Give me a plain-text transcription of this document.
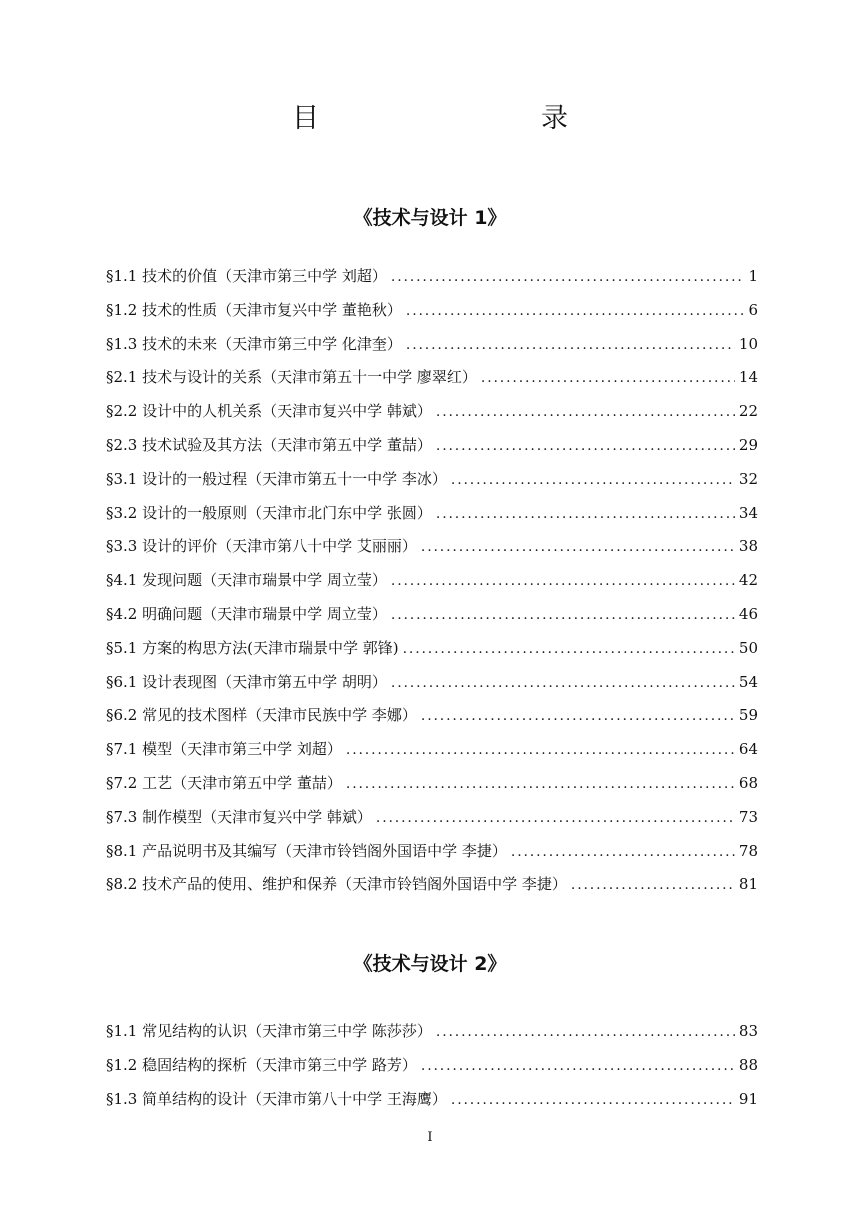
目　　录
《技术与设计 1》
§1.1 技术的价值（天津市第三中学 刘超） . . .	1
§1.2 技术的性质（天津市复兴中学 董艳秋） . . .	6
§1.3 技术的未来（天津市第三中学 化津奎） . . .	10
§2.1 技术与设计的关系（天津市第五十一中学 廖翠红） . . .	14
§2.2 设计中的人机关系（天津市复兴中学 韩斌） . . .	22
§2.3 技术试验及其方法（天津市第五中学 董喆） . . .	29
§3.1 设计的一般过程（天津市第五十一中学 李冰） . . .	32
§3.2 设计的一般原则（天津市北门东中学 张圆） . . .	34
§3.3 设计的评价（天津市第八十中学 艾丽丽） . . .	38
§4.1 发现问题（天津市瑞景中学 周立莹） . . .	42
§4.2 明确问题（天津市瑞景中学 周立莹） . . .	46
§5.1 方案的构思方法(天津市瑞景中学 郭锋) . . .	50
§6.1 设计表现图（天津市第五中学 胡明） . . .	54
§6.2 常见的技术图样（天津市民族中学 李娜） . . .	59
§7.1 模型（天津市第三中学 刘超） . . .	64
§7.2 工艺（天津市第五中学 董喆） . . .	68
§7.3 制作模型（天津市复兴中学 韩斌） . . .	73
§8.1 产品说明书及其编写（天津市铃铛阁外国语中学 李捷） . . .	78
§8.2 技术产品的使用、维护和保养（天津市铃铛阁外国语中学 李捷） . . .	81
《技术与设计 2》
§1.1 常见结构的认识（天津市第三中学 陈莎莎） . . .	83
§1.2 稳固结构的探析（天津市第三中学 路芳） . . .	88
§1.3 简单结构的设计（天津市第八十中学 王海鹰） . . .	91
I
